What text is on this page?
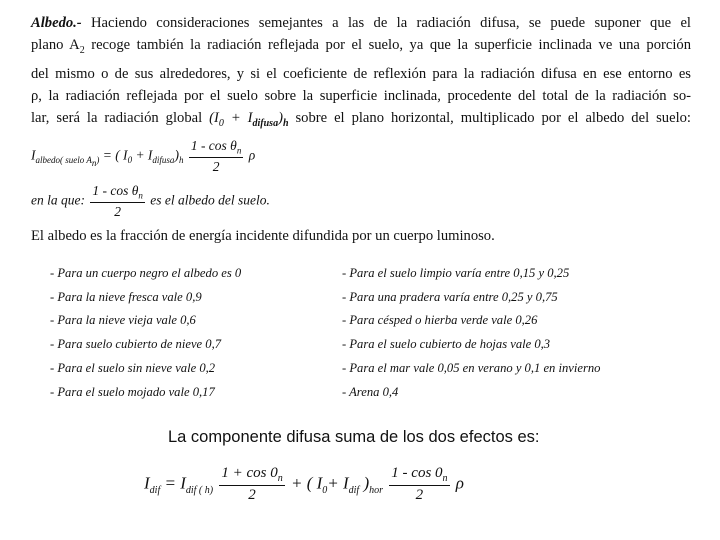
Albedo.- Haciendo consideraciones semejantes a las de la radiación difusa, se puede suponer que el
plano $A_2$ recoge también la radiación reflejada por el suelo, ya que la superficie inclinada ve una porción
del mismo o de sus alrededores, y si el coeficiente de reflexión para la radiación difusa en ese entorno es
ρ, la radiación reflejada por el suelo sobre la superficie inclinada, procedente del total de la radiación so-
lar, será la radiación global $(I_0 + I_{difusa})_h$ sobre el plano horizontal, multiplicado por el albedo del suelo:
$I_{albedo( suelo A_n)}$ = ( $I_0 + I_{difusa})_h \frac{1 - \cos \theta_n}{2}$ ρ
en la que: $\frac{1 - \cos \theta_n}{2}$ es el albedo del suelo.
El albedo es la fracción de energía incidente difundida por un cuerpo luminoso.
- Para un cuerpo negro el albedo es 0
- Para la nieve fresca vale 0,9
- Para la nieve vieja vale 0,6
- Para suelo cubierto de nieve 0,7
- Para el suelo sin nieve vale 0,2
- Para el suelo mojado vale 0,17
- Para el suelo limpio varía entre 0,15 y 0,25
- Para una pradera varía entre 0,25 y 0,75
- Para césped o hierba verde vale 0,26
- Para el suelo cubierto de hojas vale 0,3
- Para el mar vale 0,05 en verano y 0,1 en invierno
- Arena 0,4
La componente difusa suma de los dos efectos es:
$I_{dif} = I_{dif ( h)} \frac{1 + \cos 0_n}{2}$ + ( $I_0+ I_{dif}$ )$_{hor} \frac{1 - \cos 0_n}{2}$ ρ
